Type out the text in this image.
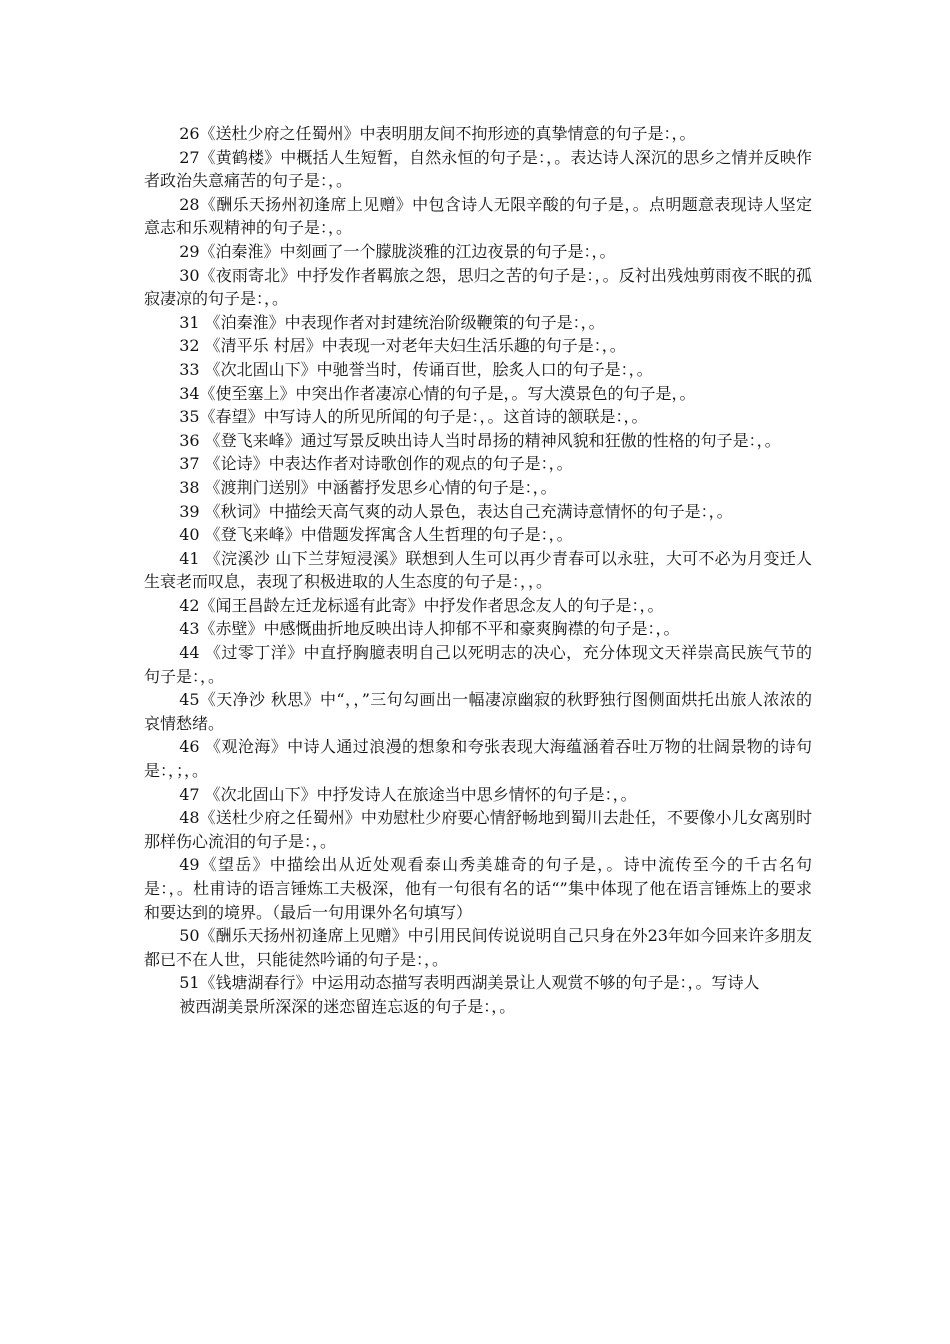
26《送杜少府之任蜀州》中表明朋友间不拘形迹的真挚情意的句子是：，。

27《黄鹤楼》中概括人生短暂，自然永恒的句子是：，。表达诗人深沉的思乡之情并反映作者政治失意痛苦的句子是：，。

28《酬乐天扬州初逢席上见赠》中包含诗人无限辛酸的句子是，。点明题意表现诗人坚定意志和乐观精神的句子是：，。

29《泊秦淮》中刻画了一个朦胧淡雅的江边夜景的句子是：，。

30《夜雨寄北》中抒发作者羁旅之怨，思归之苦的句子是：，。反衬出残烛剪雨夜不眠的孤寂凄凉的句子是：，。

31 《泊秦淮》中表现作者对封建统治阶级鞭策的句子是：，。

32 《清平乐 村居》中表现一对老年夫妇生活乐趣的句子是：，。

33 《次北固山下》中驰誉当时，传诵百世，脍炙人口的句子是：，。

34《使至塞上》中突出作者凄凉心情的句子是，。写大漠景色的句子是，。

35《春望》中写诗人的所见所闻的句子是：，。这首诗的颔联是：，。

36 《登飞来峰》通过写景反映出诗人当时昂扬的精神风貌和狂傲的性格的句子是：，。

37 《论诗》中表达作者对诗歌创作的观点的句子是：，。

38 《渡荆门送别》中涵蓄抒发思乡心情的句子是：，。

39 《秋词》中描绘天高气爽的动人景色，表达自己充满诗意情怀的句子是：，。

40 《登飞来峰》中借题发挥寓含人生哲理的句子是：，。

41 《浣溪沙 山下兰芽短浸溪》联想到人生可以再少青春可以永驻，大可不必为月变迁人生衰老而叹息，表现了积极进取的人生态度的句子是：，，。

42《闻王昌龄左迁龙标遥有此寄》中抒发作者思念友人的句子是：，。

43《赤壁》中感慨曲折地反映出诗人抑郁不平和豪爽胸襟的句子是：，。

44 《过零丁洋》中直抒胸臆表明自己以死明志的决心，充分体现文天祥崇高民族气节的句子是：，。

45《天净沙 秋思》中“，，”三句勾画出一幅凄凉幽寂的秋野独行图侧面烘托出旅人浓浓的哀情愁绪。

46 《观沧海》中诗人通过浪漫的想象和夸张表现大海蕴涵着吞吐万物的壮阔景物的诗句是：，；，。

47 《次北固山下》中抒发诗人在旅途当中思乡情怀的句子是：，。

48《送杜少府之任蜀州》中劝慰杜少府要心情舒畅地到蜀川去赴任，不要像小儿女离别时那样伤心流泪的句子是：，。

49《望岳》中描绘出从近处观看泰山秀美雄奇的句子是，。诗中流传至今的千古名句是：，。杜甫诗的语言锤炼工夫极深，他有一句很有名的话“”集中体现了他在语言锤炼上的要求和要达到的境界。（最后一句用课外名句填写）

50《酬乐天扬州初逢席上见赠》中引用民间传说说明自己只身在外23年如今回来许多朋友都已不在人世，只能徒然吟诵的句子是：，。

51《钱塘湖春行》中运用动态描写表明西湖美景让人观赏不够的句子是：，。写诗人

被西湖美景所深深的迷恋留连忘返的句子是：，。
